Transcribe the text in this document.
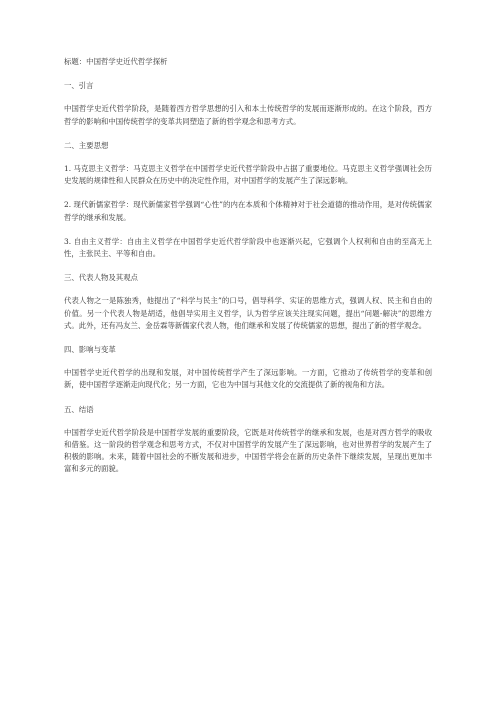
标题：中国哲学史近代哲学探析

一、引言

中国哲学史近代哲学阶段，是随着西方哲学思想的引入和本土传统哲学的发展而逐渐形成的。在这个阶段，西方哲学的影响和中国传统哲学的变革共同塑造了新的哲学观念和思考方式。

二、主要思想

1. 马克思主义哲学：马克思主义哲学在中国哲学史近代哲学阶段中占据了重要地位。马克思主义哲学强调社会历史发展的规律性和人民群众在历史中的决定性作用，对中国哲学的发展产生了深远影响。

2. 现代新儒家哲学：现代新儒家哲学强调“心性”的内在本质和个体精神对于社会道德的推动作用，是对传统儒家哲学的继承和发展。

3. 自由主义哲学：自由主义哲学在中国哲学史近代哲学阶段中也逐渐兴起，它强调个人权利和自由的至高无上性，主张民主、平等和自由。

三、代表人物及其观点

代表人物之一是陈独秀，他提出了“科学与民主”的口号，倡导科学、实证的思维方式，强调人权、民主和自由的价值。另一个代表人物是胡适，他倡导实用主义哲学，认为哲学应该关注现实问题，提出“问题-解决”的思维方式。此外，还有冯友兰、金岳霖等新儒家代表人物，他们继承和发展了传统儒家的思想，提出了新的哲学观念。

四、影响与变革

中国哲学史近代哲学的出现和发展，对中国传统哲学产生了深远影响。一方面，它推动了传统哲学的变革和创新，使中国哲学逐渐走向现代化；另一方面，它也为中国与其他文化的交流提供了新的视角和方法。

五、结语

中国哲学史近代哲学阶段是中国哲学发展的重要阶段，它既是对传统哲学的继承和发展，也是对西方哲学的吸收和借鉴。这一阶段的哲学观念和思考方式，不仅对中国哲学的发展产生了深远影响，也对世界哲学的发展产生了积极的影响。未来，随着中国社会的不断发展和进步，中国哲学将会在新的历史条件下继续发展，呈现出更加丰富和多元的面貌。
